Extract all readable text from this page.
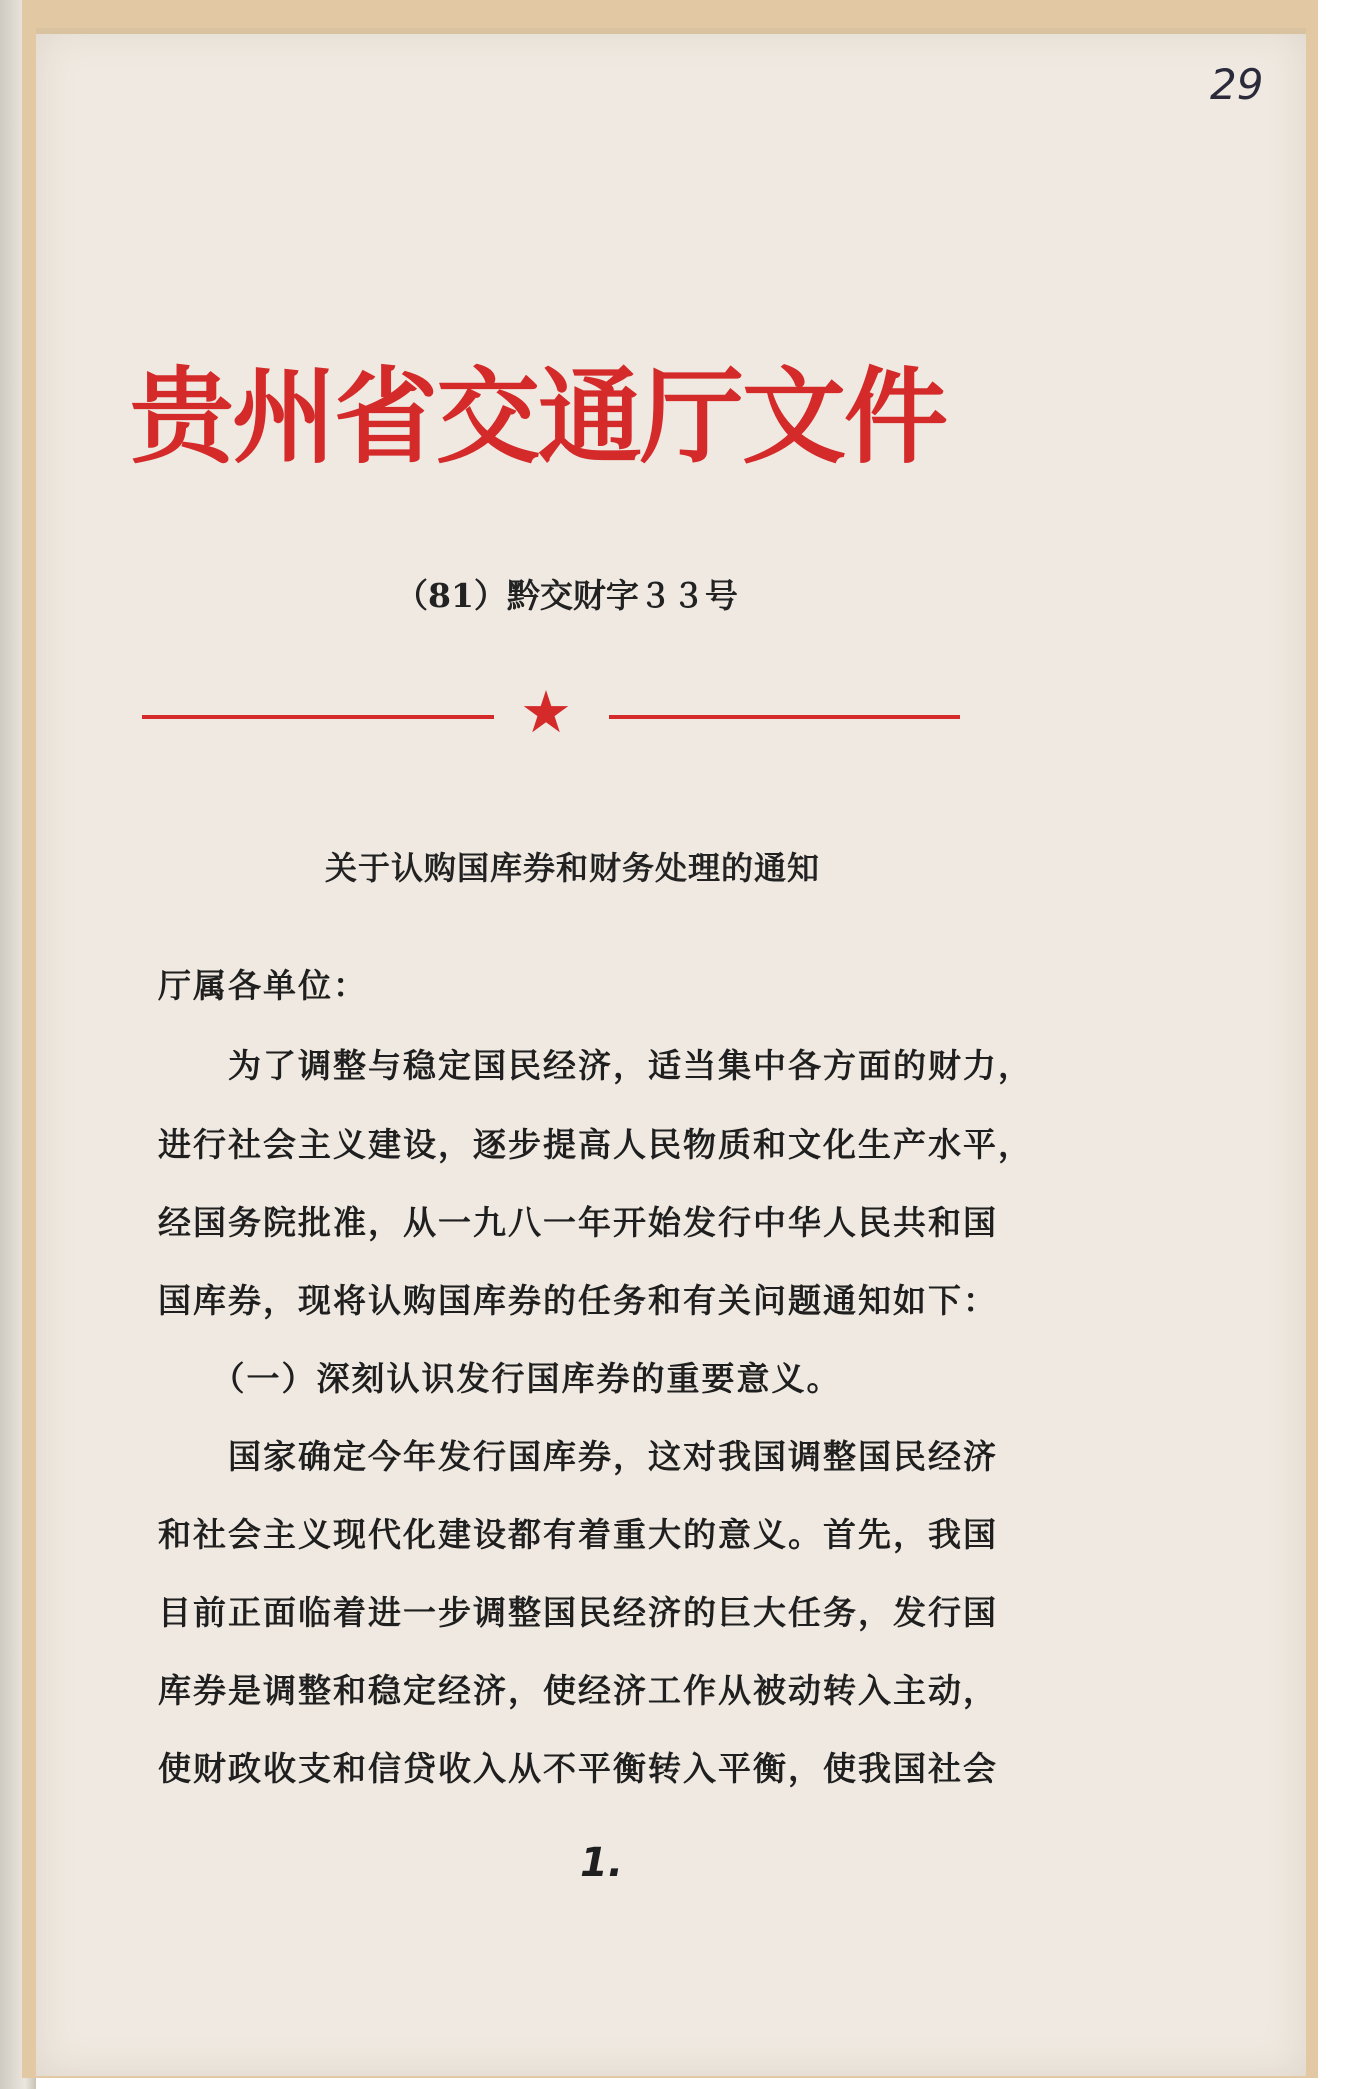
29
贵州省交通厅文件
（81）黔交财字３３号
★
关于认购国库券和财务处理的通知
厅属各单位：
　　为了调整与稳定国民经济，适当集中各方面的财力，
进行社会主义建设，逐步提高人民物质和文化生产水平，
经国务院批准，从一九八一年开始发行中华人民共和国
国库券，现将认购国库券的任务和有关问题通知如下：
　　（一）深刻认识发行国库券的重要意义。
　　国家确定今年发行国库券，这对我国调整国民经济
和社会主义现代化建设都有着重大的意义。首先，我国
目前正面临着进一步调整国民经济的巨大任务，发行国
库券是调整和稳定经济，使经济工作从被动转入主动，
使财政收支和信贷收入从不平衡转入平衡，使我国社会
1.
